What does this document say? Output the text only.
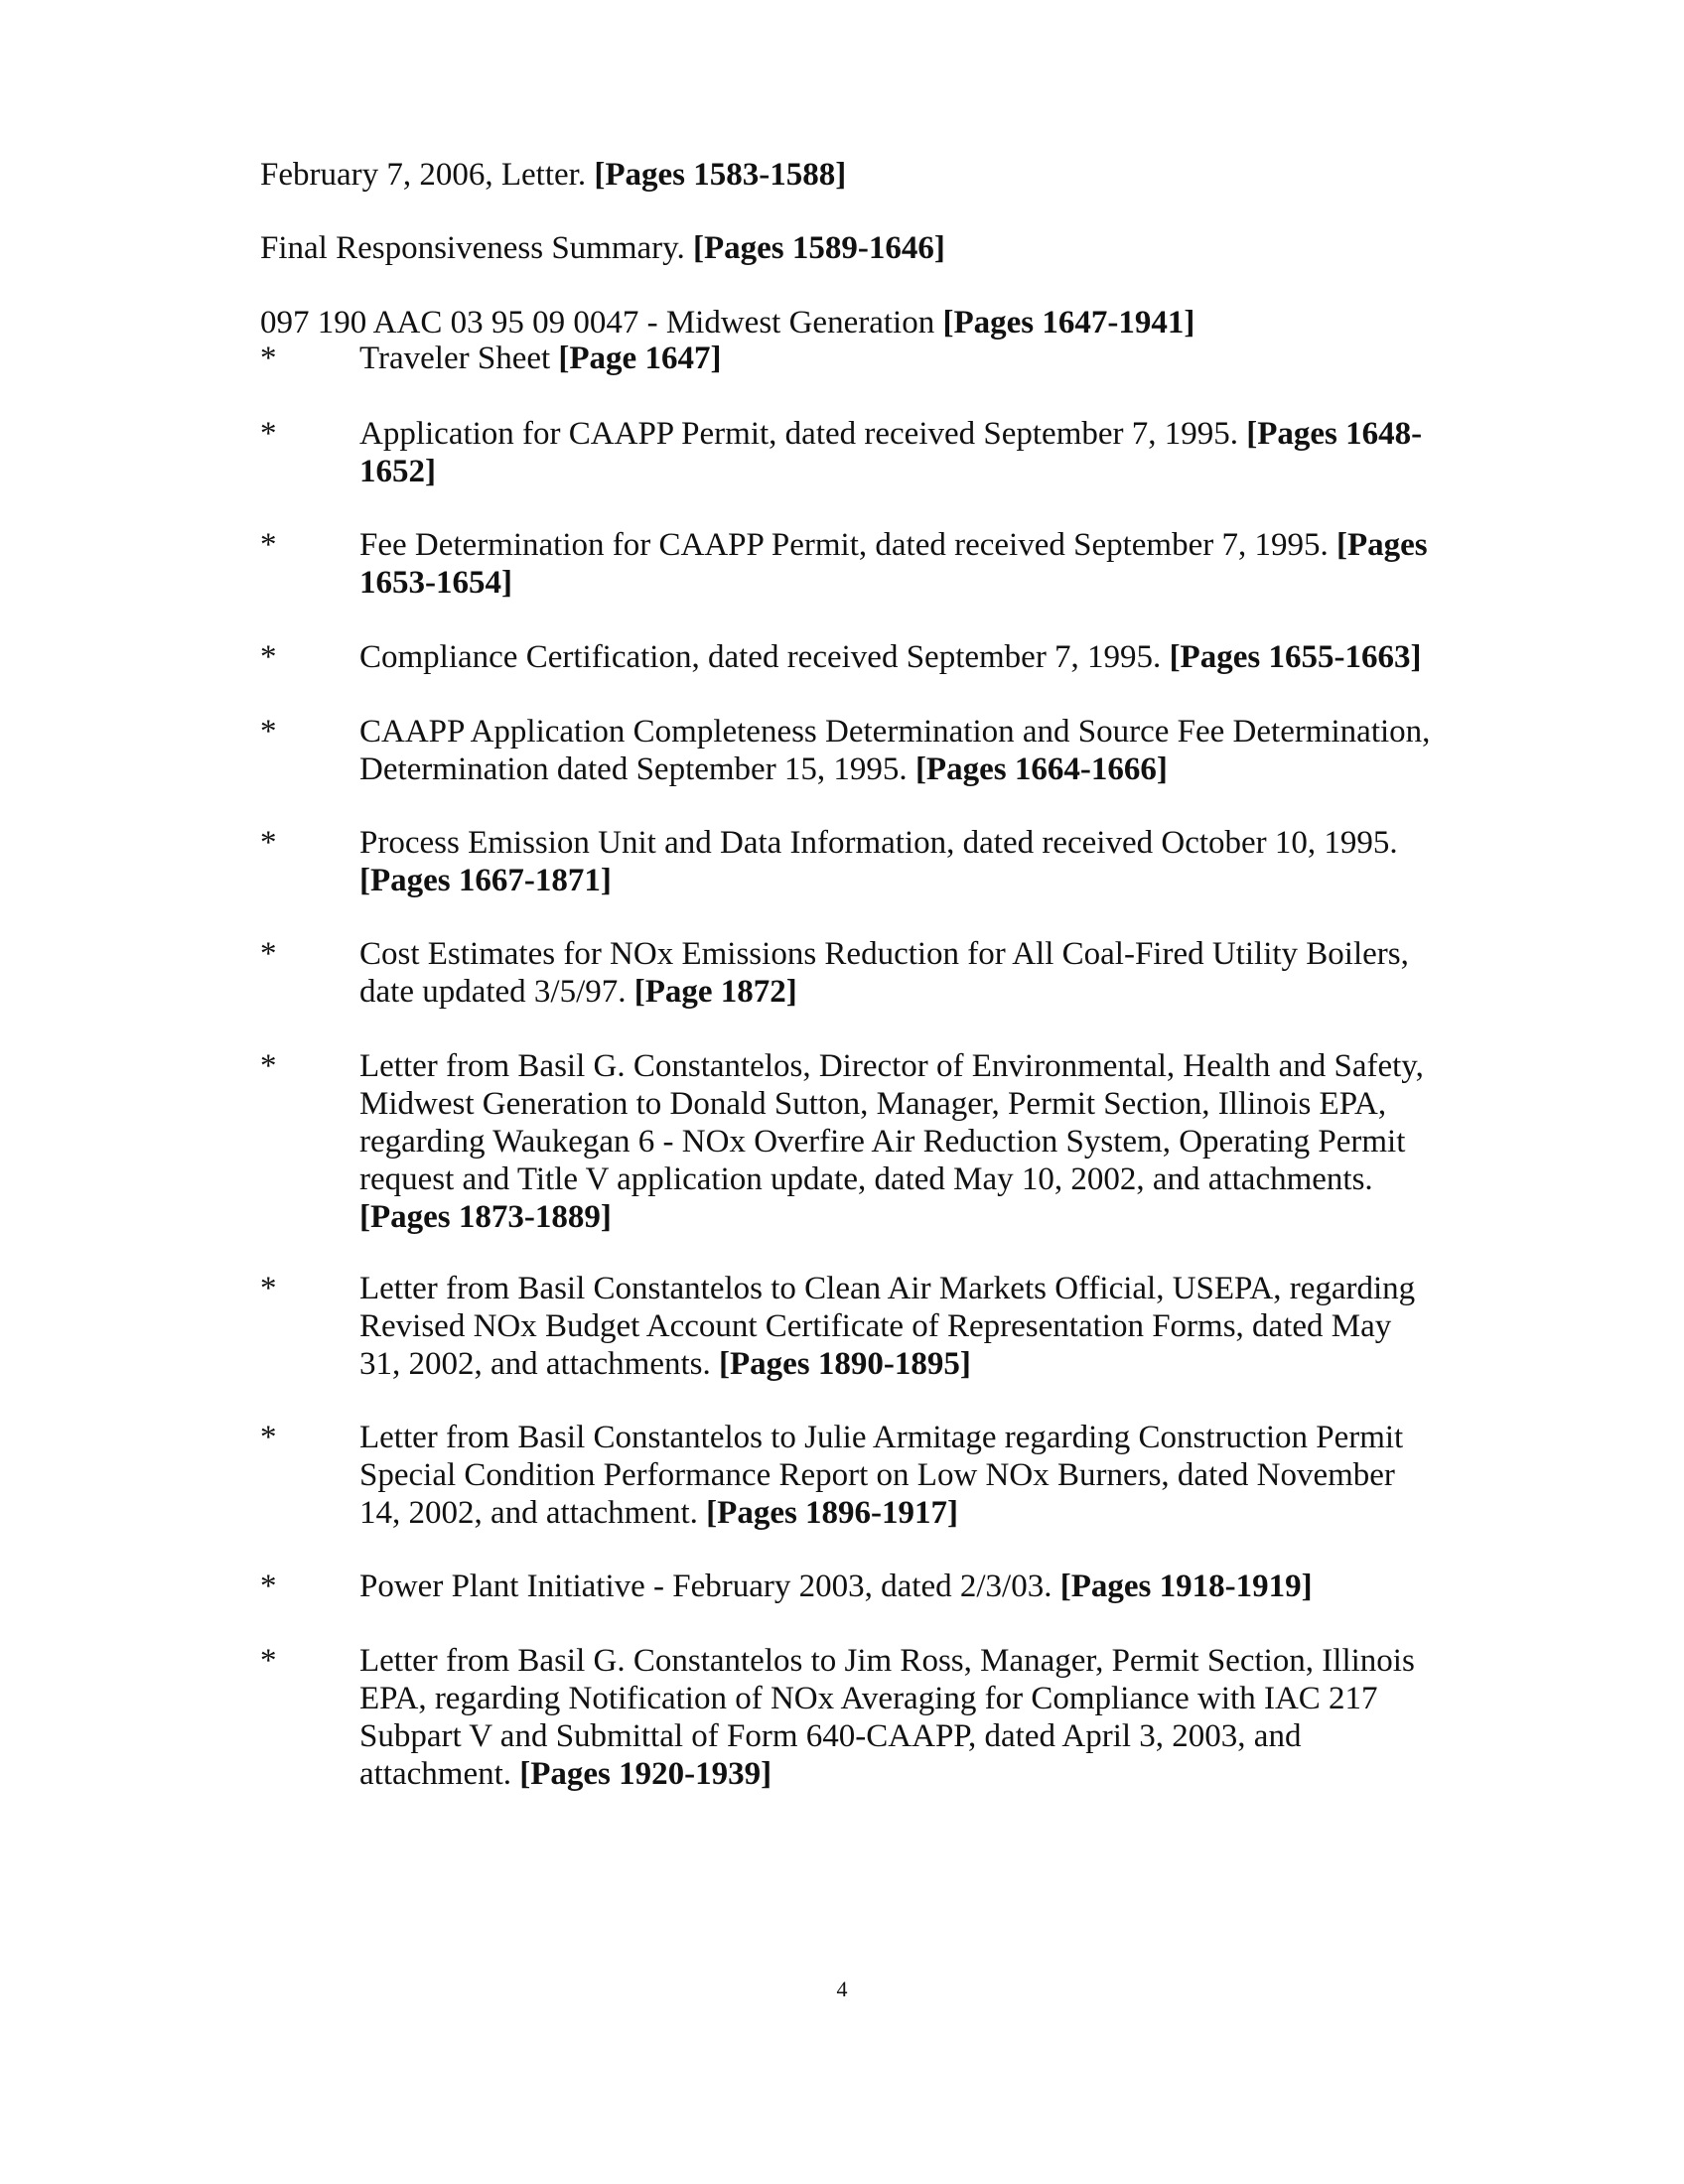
February 7, 2006, Letter. [Pages 1583-1588]
Final Responsiveness Summary. [Pages 1589-1646]
097 190 AAC 03 95 09 0047 - Midwest Generation [Pages 1647-1941]
*	Traveler Sheet [Page 1647]
*	Application for CAAPP Permit, dated received September 7, 1995. [Pages 1648-
1652]
*	Fee Determination for CAAPP Permit, dated received September 7, 1995. [Pages
1653-1654]
*	Compliance Certification, dated received September 7, 1995. [Pages 1655-1663]
*	CAAPP Application Completeness Determination and Source Fee Determination,
Determination dated September 15, 1995. [Pages 1664-1666]
*	Process Emission Unit and Data Information, dated received October 10, 1995.
[Pages 1667-1871]
*	Cost Estimates for NOx Emissions Reduction for All Coal-Fired Utility Boilers,
date updated 3/5/97. [Page 1872]
*	Letter from Basil G. Constantelos, Director of Environmental, Health and Safety,
Midwest Generation to Donald Sutton, Manager, Permit Section, Illinois EPA,
regarding Waukegan 6 - NOx Overfire Air Reduction System, Operating Permit
request and Title V application update, dated May 10, 2002, and attachments.
[Pages 1873-1889]
*	Letter from Basil Constantelos to Clean Air Markets Official, USEPA, regarding
Revised NOx Budget Account Certificate of Representation Forms, dated May
31, 2002, and attachments. [Pages 1890-1895]
*	Letter from Basil Constantelos to Julie Armitage regarding Construction Permit
Special Condition Performance Report on Low NOx Burners, dated November
14, 2002, and attachment. [Pages 1896-1917]
*	Power Plant Initiative - February 2003, dated 2/3/03. [Pages 1918-1919]
*	Letter from Basil G. Constantelos to Jim Ross, Manager, Permit Section, Illinois
EPA, regarding Notification of NOx Averaging for Compliance with IAC 217
Subpart V and Submittal of Form 640-CAAPP, dated April 3, 2003, and
attachment. [Pages 1920-1939]
4
